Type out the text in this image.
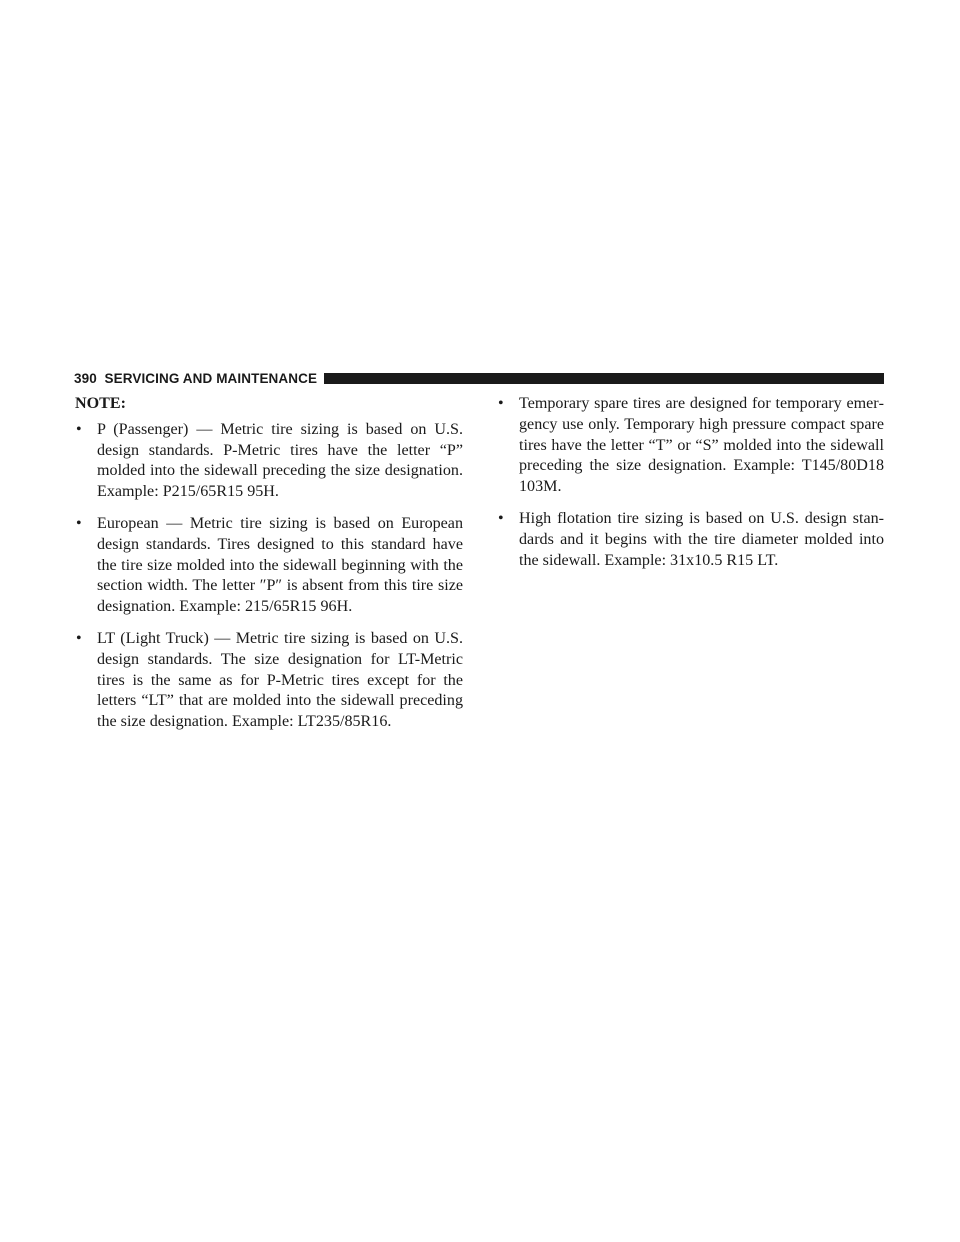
390 SERVICING AND MAINTENANCE
NOTE:
• P (Passenger) — Metric tire sizing is based on U.S. design standards. P-Metric tires have the letter “P” molded into the sidewall preceding the size designation. Example: P215/65R15 95H.
• European — Metric tire sizing is based on European design standards. Tires designed to this standard have the tire size molded into the sidewall beginning with the section width. The letter ″P″ is absent from this tire size designation. Example: 215/65R15 96H.
• LT (Light Truck) — Metric tire sizing is based on U.S. design standards. The size designation for LT-Metric tires is the same as for P-Metric tires except for the letters “LT” that are molded into the sidewall preceding the size designation. Example: LT235/85R16.
• Temporary spare tires are designed for temporary emergency use only. Temporary high pressure compact spare tires have the letter “T” or “S” molded into the sidewall preceding the size designation. Example: T145/80D18 103M.
• High flotation tire sizing is based on U.S. design standards and it begins with the tire diameter molded into the sidewall. Example: 31x10.5 R15 LT.
